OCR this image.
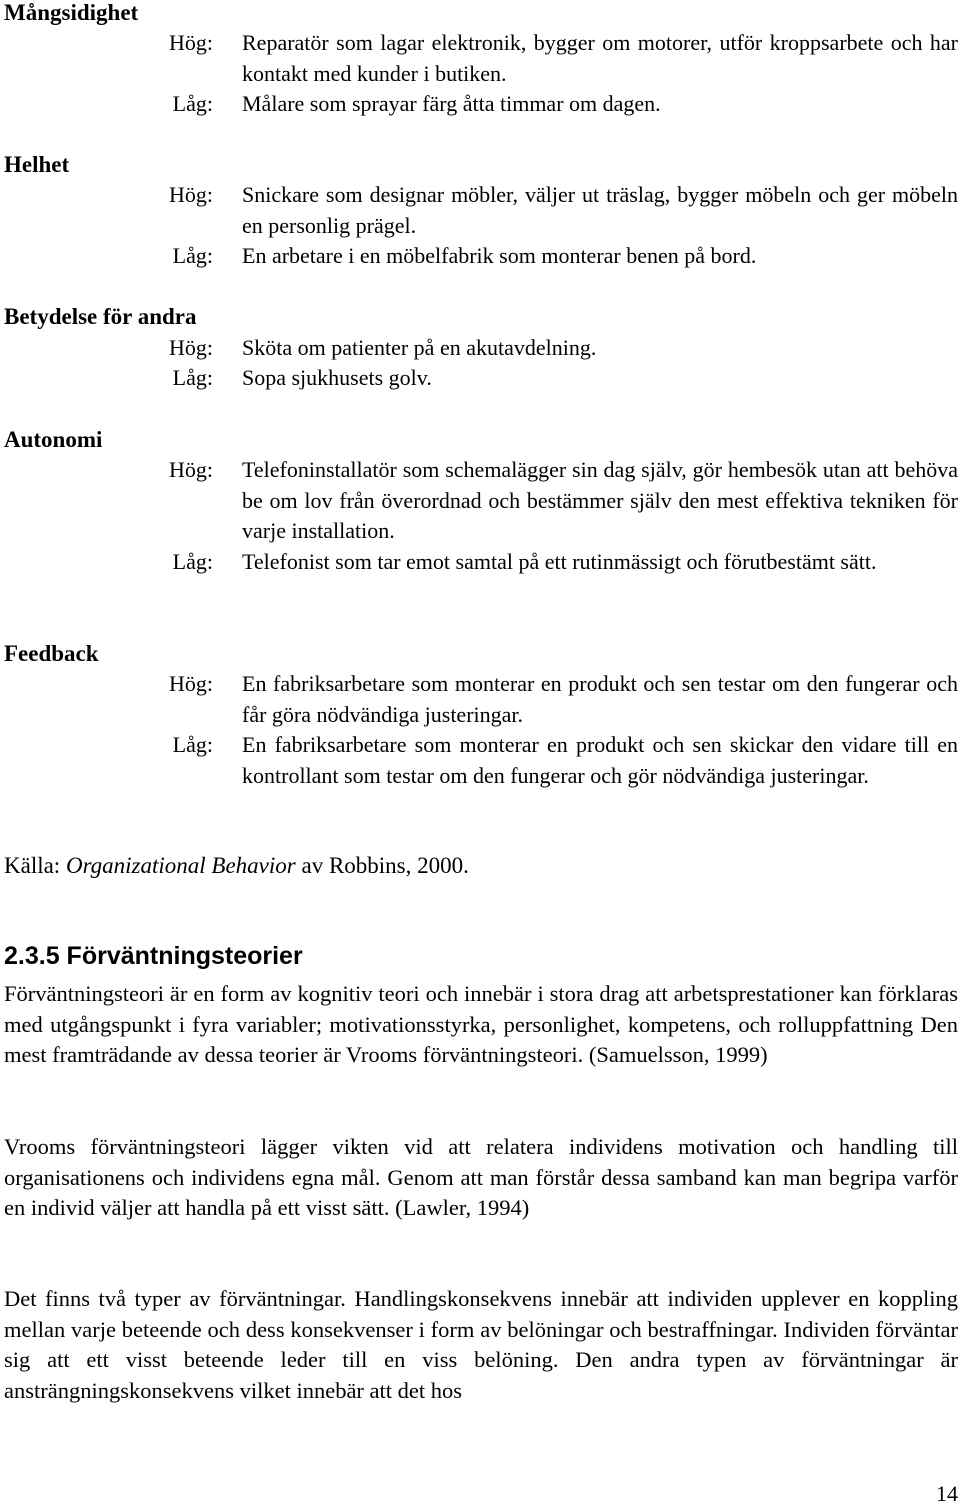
Mångsidighet
Hög: Reparatör som lagar elektronik, bygger om motorer, utför kroppsarbete och har kontakt med kunder i butiken.
Låg: Målare som sprayar färg åtta timmar om dagen.
Helhet
Hög: Snickare som designar möbler, väljer ut träslag, bygger möbeln och ger möbeln en personlig prägel.
Låg: En arbetare i en möbelfabrik som monterar benen på bord.
Betydelse för andra
Hög: Sköta om patienter på en akutavdelning.
Låg: Sopa sjukhusets golv.
Autonomi
Hög: Telefoninstallatör som schemalägger sin dag själv, gör hembesök utan att behöva be om lov från överordnad och bestämmer själv den mest effektiva tekniken för varje installation.
Låg: Telefonist som tar emot samtal på ett rutinmässigt och förutbestämt sätt.
Feedback
Hög: En fabriksarbetare som monterar en produkt och sen testar om den fungerar och får göra nödvändiga justeringar.
Låg: En fabriksarbetare som monterar en produkt och sen skickar den vidare till en kontrollant som testar om den fungerar och gör nödvändiga justeringar.
Källa: Organizational Behavior av Robbins, 2000.
2.3.5 Förväntningsteorier

Förväntningsteori är en form av kognitiv teori och innebär i stora drag att arbetsprestationer kan förklaras med utgångspunkt i fyra variabler; motivationsstyrka, personlighet, kompetens, och rolluppfattning Den mest framträdande av dessa teorier är Vrooms förväntningsteori. (Samuelsson, 1999)

Vrooms förväntningsteori lägger vikten vid att relatera individens motivation och handling till organisationens och individens egna mål. Genom att man förstår dessa samband kan man begripa varför en individ väljer att handla på ett visst sätt. (Lawler, 1994)

Det finns två typer av förväntningar. Handlingskonsekvens innebär att individen upplever en koppling mellan varje beteende och dess konsekvenser i form av belöningar och bestraffningar. Individen förväntar sig att ett visst beteende leder till en viss belöning. Den andra typen av förväntningar är ansträngningskonsekvens vilket innebär att det hos

14
